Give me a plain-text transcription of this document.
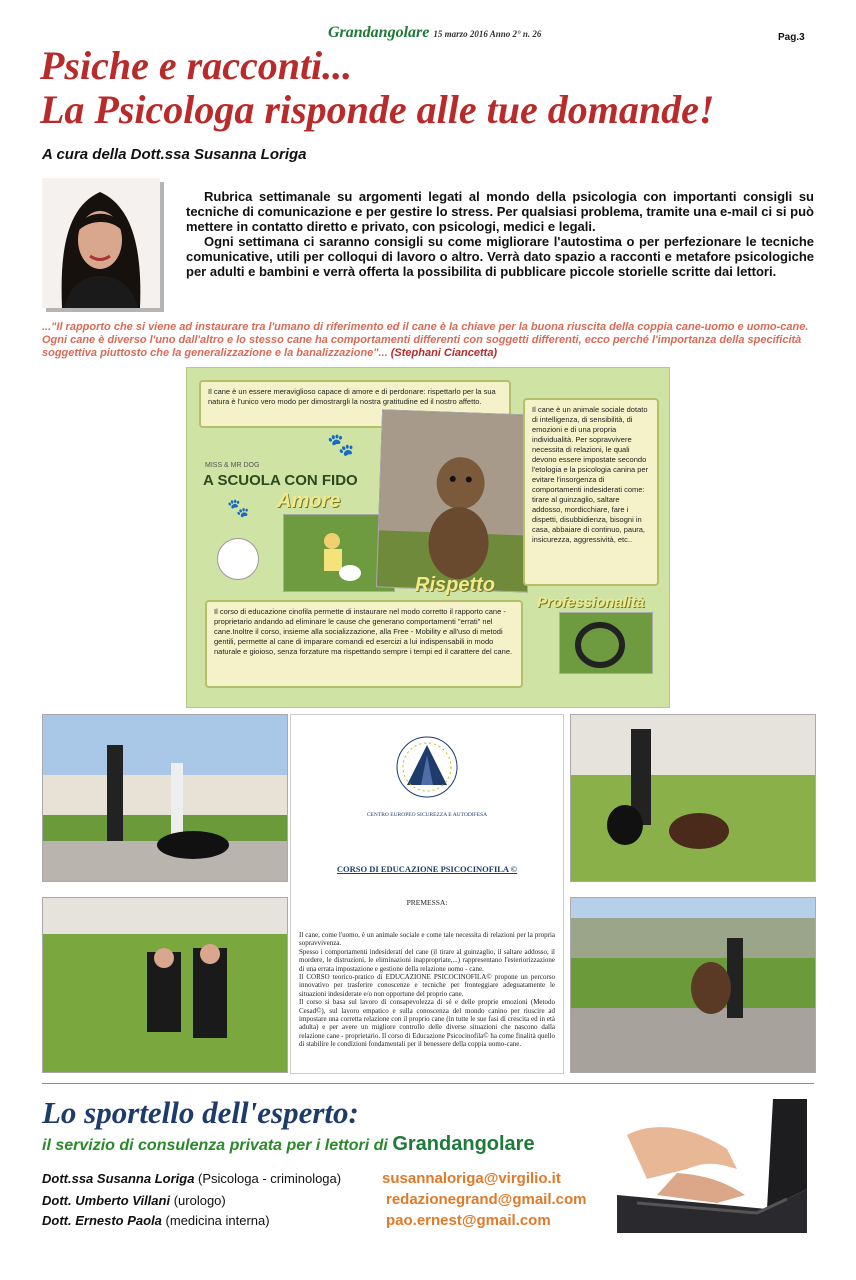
Grandangolare 15 marzo 2016 Anno 2° n. 26	Pag.3
Psiche e racconti...
La Psicologa risponde alle tue domande!
A cura della Dott.ssa Susanna Loriga

Rubrica settimanale su argomenti legati al mondo della psicologia con importanti consigli su tecniche di comunicazione e per gestire lo stress. Per qualsiasi problema, tramite una e-mail ci si può mettere in contatto diretto e privato, con psicologi, medici e legali.

Ogni settimana ci saranno consigli su come migliorare l'autostima o per perfezionare le tecniche comunicative, utili per colloqui di lavoro o altro. Verrà dato spazio a racconti e metafore psicologiche per adulti e bambini e verrà offerta la possibilita di pubblicare piccole storielle scritte dai lettori.

..."Il rapporto che si viene ad instaurare tra l'umano di riferimento ed il cane è la chiave per la buona riuscita della coppia cane-uomo e uomo-cane. Ogni cane è diverso l'uno dall'altro e lo stesso cane ha comportamenti differenti con soggetti differenti, ecco perché l'importanza della specificità soggettiva piuttosto che la generalizzazione e la banalizzazione"... (Stephani Ciancetta)
Il cane è un essere meraviglioso capace di amore e di perdonare: rispettarlo per la sua natura è l'unico vero modo per dimostrargli la nostra gratitudine ed il nostro affetto.
MISS & MR DOG
A SCUOLA CON FIDO
🐾
🐾 Amore
Rispetto
Il cane è un animale sociale dotato di intelligenza, di sensibilità, di emozioni e di una propria individualità. Per sopravvivere necessita di relazioni, le quali devono essere impostate secondo l'etologia e la psicologia canina per evitare l'insorgenza di comportamenti indesiderati come: tirare al guinzaglio, saltare addosso, mordicchiare, fare i dispetti, disubbidienza, bisogni in casa, abbaiare di continuo, paura, insicurezza, aggressività, etc..
Professionalità
Il corso di educazione cinofila permette di instaurare nel modo corretto il rapporto cane - proprietario andando ad eliminare le cause che generano comportamenti "errati" nel cane.Inoltre il corso, insieme alla socializzazione, alla Free - Mobility e all'uso di metodi gentili, permette al cane di imparare comandi ed esercizi a lui indispensabili in modo naturale e gioioso, senza forzature ma rispettando sempre i tempi ed il carattere del cane.
CENTRO EUROPEO SICUREZZA E AUTODIFESA
CORSO DI EDUCAZIONE PSICOCINOFILA ©
PREMESSA:
Il cane, come l'uomo, è un animale sociale e come tale necessita di relazioni per la propria sopravvivenza.
Spesso i comportamenti indesiderati del cane (il tirare al guinzaglio, il saltare addosso, il mordere, le distruzioni, le eliminazioni inappropriate,...) rappresentano l'esteriorizzazione di una errata impostazione e gestione della relazione uomo - cane.
Il CORSO teorico-pratico di EDUCAZIONE PSICOCINOFILA© propone un percorso innovativo per trasferire conoscenze e tecniche per fronteggiare adeguatamente le situazioni indesiderate e/o non opportune del proprio cane.
Il corso si basa sul lavoro di consapevolezza di sé e delle proprie emozioni (Metodo Cesad©), sul lavoro empatico e sulla conoscenza del mondo canino per riuscire ad impostare una corretta relazione con il proprio cane (in tutte le sue fasi di crescita ed in età adulta) e per avere un migliore controllo delle diverse situazioni che nascono dalla relazione cane - proprietario. Il corso di Educazione Psicocinofila© ha come finalità quello di stabilire le condizioni fondamentali per il benessere della coppia uomo-cane.
Lo sportello dell'esperto:
il servizio di consulenza privata per i lettori di Grandangolare
Dott.ssa Susanna Loriga (Psicologa - criminologa)	susannaloriga@virgilio.it
Dott. Umberto Villani (urologo)	redazionegrand@gmail.com
Dott. Ernesto Paola (medicina interna)	pao.ernest@gmail.com
